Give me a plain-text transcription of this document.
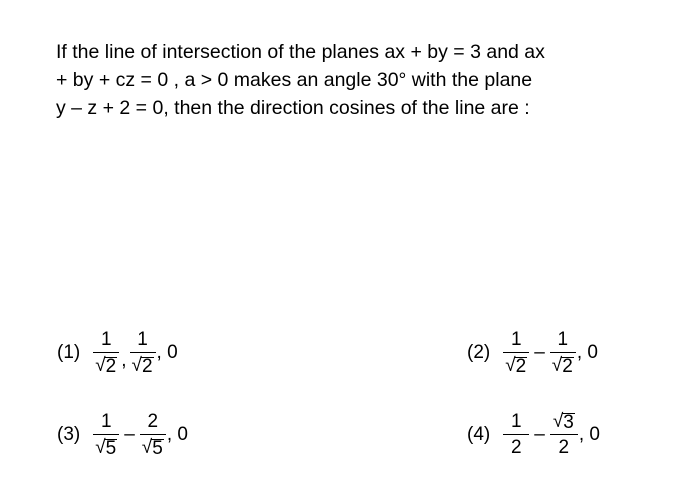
If the line of intersection of the planes ax + by = 3 and ax
+ by + cz = 0 , a > 0 makes an angle 30° with the plane
y – z + 2 = 0, then the direction cosines of the line are :
$(1) \frac{1}{√ 2}$ , $\frac{1}{√ 2}$ , 0	$(2) \frac{1}{√ 2} - \frac{1}{√ 2}$ , 0
$(3) \frac{1}{√ 5} - \frac{2}{√ 5}$ , 0	$(4) \frac{1}{2} - \frac{√ 3}{2}$ , 0
